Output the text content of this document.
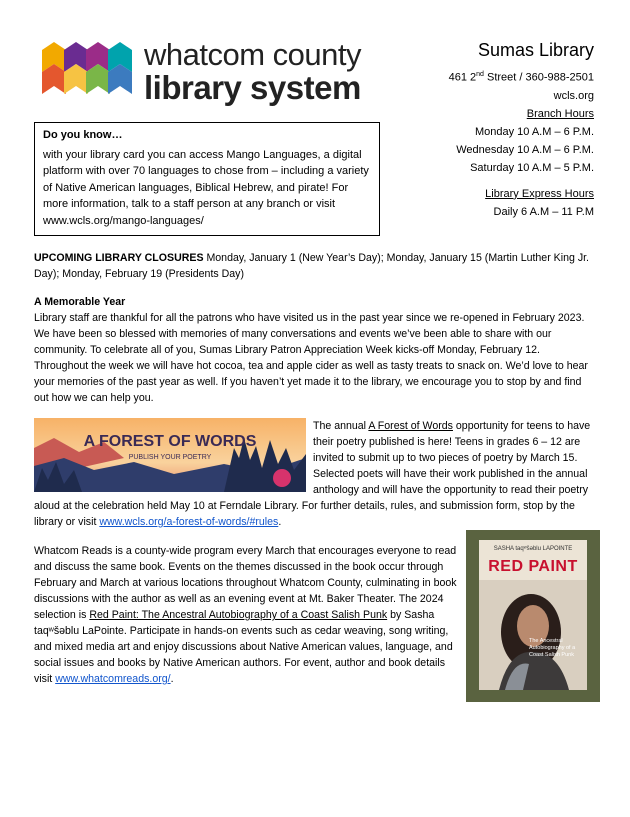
whatcom county
library system
Sumas Library
461 2nd Street / 360-988-2501
wcls.org
Branch Hours
Monday 10 A.M – 6 P.M.
Wednesday 10 A.M – 6 P.M.
Saturday 10 A.M – 5 P.M.
Library Express Hours
Daily 6 A.M – 11 P.M
Do you know…
with your library card you can access Mango Languages, a digital platform with over 70 languages to chose from – including a variety of Native American languages, Biblical Hebrew, and pirate! For more information, talk to a staff person at any branch or visit www.wcls.org/mango-languages/
UPCOMING LIBRARY CLOSURES Monday, January 1 (New Year’s Day); Monday, January 15 (Martin Luther King Jr. Day); Monday, February 19 (Presidents Day)
A Memorable Year
Library staff are thankful for all the patrons who have visited us in the past year since we re-opened in February 2023. We have been so blessed with memories of many conversations and events we’ve been able to share with our community. To celebrate all of you, Sumas Library Patron Appreciation Week kicks-off Monday, February 12. Throughout the week we will have hot cocoa, tea and apple cider as well as tasty treats to snack on. We’d love to hear your memories of the past year as well. If you haven’t yet made it to the library, we encourage you to stop by and find out how we can help you.
The annual A Forest of Words opportunity for teens to have their poetry published is here! Teens in grades 6 – 12 are invited to submit up to two pieces of poetry by March 15. Selected poets will have their work published in the annual anthology and will have the opportunity to read their poetry aloud at the celebration held May 10 at Ferndale Library. For further details, rules, and submission form, stop by the library or visit www.wcls.org/a-forest-of-words/#rules.
A FOREST OF WORDS
PUBLISH YOUR POETRY
Whatcom Reads is a county-wide program every March that encourages everyone to read and discuss the same book. Events on the themes discussed in the book occur through February and March at various locations throughout Whatcom County, culminating in book discussions with the author as well as an evening event at Mt. Baker Theater. The 2024 selection is Red Paint: The Ancestral Autobiography of a Coast Salish Punk by Sasha taqʷšəblu LaPointe. Participate in hands-on events such as cedar weaving, song writing, and mixed media art and enjoy discussions about Native American values, language, and social issues and books by Native American authors. For event, author and book details visit www.whatcomreads.org/.
SASHA taqʷšəblu LAPOINTE
RED PAINT
The Ancestral Autobiography of a Coast Salish Punk
